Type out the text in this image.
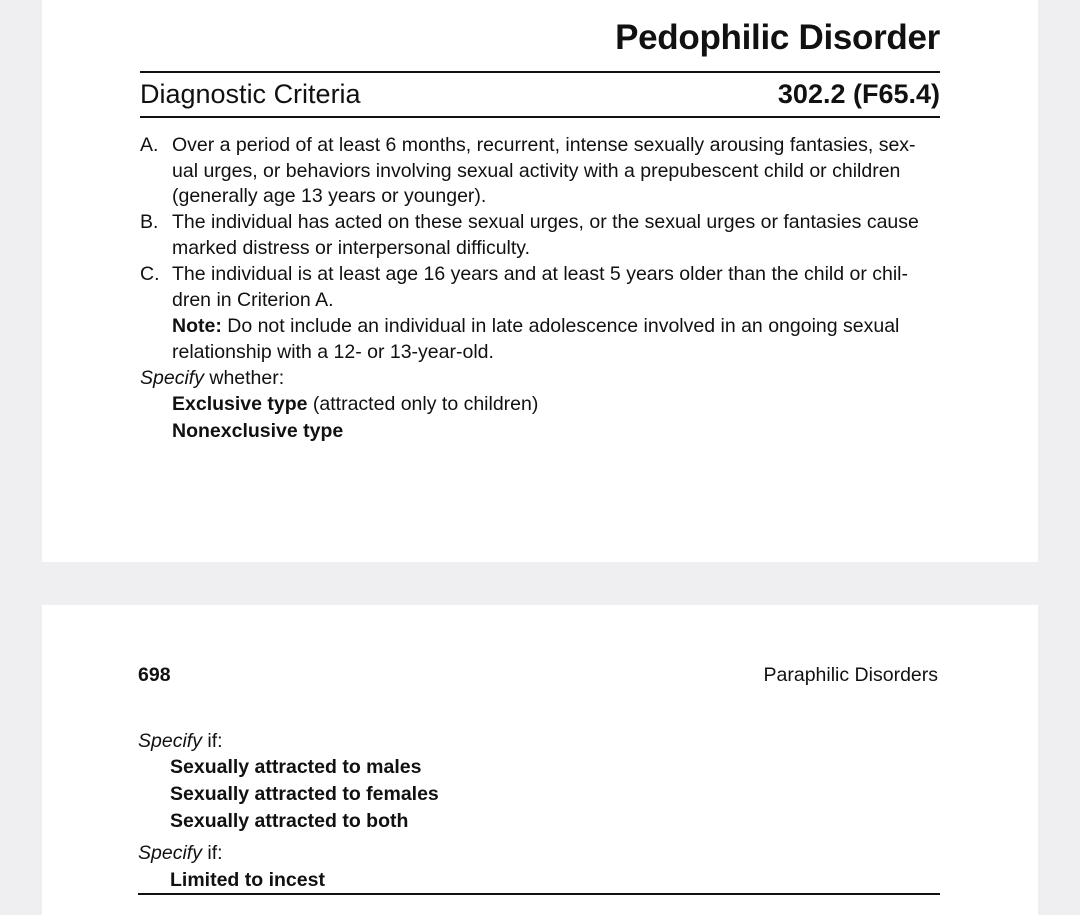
Pedophilic Disorder
Diagnostic Criteria	302.2 (F65.4)
A. Over a period of at least 6 months, recurrent, intense sexually arousing fantasies, sex-
ual urges, or behaviors involving sexual activity with a prepubescent child or children
(generally age 13 years or younger).
B. The individual has acted on these sexual urges, or the sexual urges or fantasies cause
marked distress or interpersonal difficulty.
C. The individual is at least age 16 years and at least 5 years older than the child or chil-
dren in Criterion A.
Note: Do not include an individual in late adolescence involved in an ongoing sexual
relationship with a 12- or 13-year-old.
Specify whether:
Exclusive type (attracted only to children)
Nonexclusive type
698	Paraphilic Disorders
Specify if:
Sexually attracted to males
Sexually attracted to females
Sexually attracted to both
Specify if:
Limited to incest
